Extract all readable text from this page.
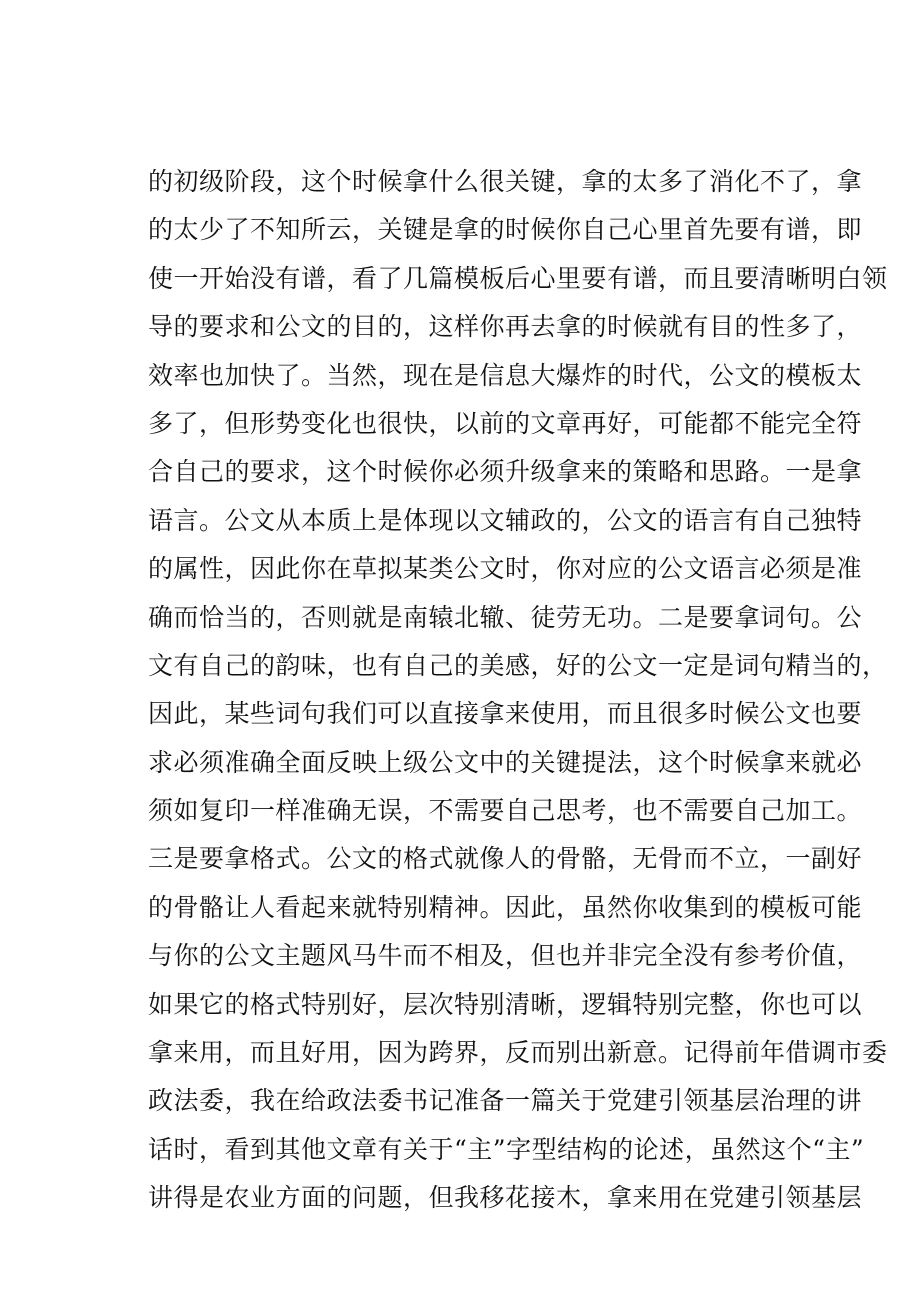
的初级阶段，这个时候拿什么很关键，拿的太多了消化不了，拿
的太少了不知所云，关键是拿的时候你自己心里首先要有谱，即
使一开始没有谱，看了几篇模板后心里要有谱，而且要清晰明白领
导的要求和公文的目的，这样你再去拿的时候就有目的性多了，
效率也加快了。当然，现在是信息大爆炸的时代，公文的模板太
多了，但形势变化也很快，以前的文章再好，可能都不能完全符
合自己的要求，这个时候你必须升级拿来的策略和思路。一是拿
语言。公文从本质上是体现以文辅政的，公文的语言有自己独特
的属性，因此你在草拟某类公文时，你对应的公文语言必须是准
确而恰当的，否则就是南辕北辙、徒劳无功。二是要拿词句。公
文有自己的韵味，也有自己的美感，好的公文一定是词句精当的，
因此，某些词句我们可以直接拿来使用，而且很多时候公文也要
求必须准确全面反映上级公文中的关键提法，这个时候拿来就必
须如复印一样准确无误，不需要自己思考，也不需要自己加工。
三是要拿格式。公文的格式就像人的骨骼，无骨而不立，一副好
的骨骼让人看起来就特别精神。因此，虽然你收集到的模板可能
与你的公文主题风马牛而不相及，但也并非完全没有参考价值，
如果它的格式特别好，层次特别清晰，逻辑特别完整，你也可以
拿来用，而且好用，因为跨界，反而别出新意。记得前年借调市委
政法委，我在给政法委书记准备一篇关于党建引领基层治理的讲
话时，看到其他文章有关于“主”字型结构的论述，虽然这个“主”
讲得是农业方面的问题，但我移花接木，拿来用在党建引领基层
